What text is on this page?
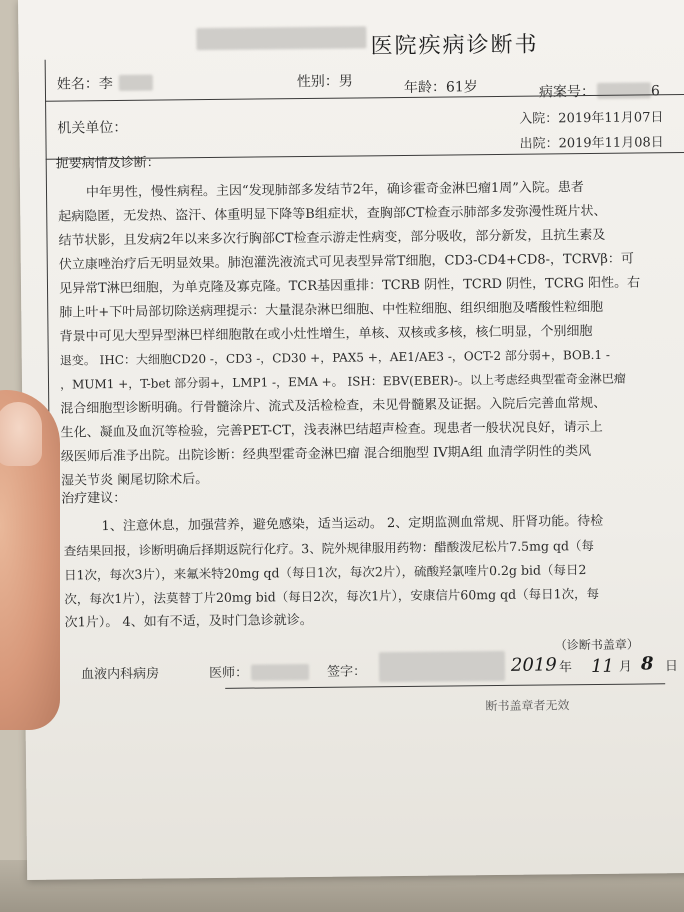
医院疾病诊断书
姓名：李	性别：男	年龄：61岁	病案号：	6
机关单位：
入院：2019年11月07日
出院：2019年11月08日
扼要病情及诊断：
中年男性，慢性病程。主因“发现肺部多发结节2年，确诊霍奇金淋巴瘤1周”入院。患者
起病隐匿，无发热、盗汗、体重明显下降等B组症状，查胸部CT检查示肺部多发弥漫性斑片状、
结节状影，且发病2年以来多次行胸部CT检查示游走性病变，部分吸收，部分新发，且抗生素及
伏立康唑治疗后无明显效果。肺泡灌洗液流式可见表型异常T细胞，CD3-CD4+CD8-，TCRVβ：可
见异常T淋巴细胞，为单克隆及寡克隆。TCR基因重排：TCRB 阴性，TCRD 阴性，TCRG 阳性。右
肺上叶+下叶局部切除送病理提示：大量混杂淋巴细胞、中性粒细胞、组织细胞及嗜酸性粒细胞
背景中可见大型异型淋巴样细胞散在或小灶性增生，单核、双核或多核，核仁明显，个别细胞
退变。 IHC：大细胞CD20 -，CD3 -，CD30 +，PAX5 +，AE1/AE3 -，OCT-2 部分弱+，BOB.1 -
，MUM1 +，T-bet 部分弱+，LMP1 -，EMA +。 ISH：EBV(EBER)-。以上考虑经典型霍奇金淋巴瘤
混合细胞型诊断明确。行骨髓涂片、流式及活检检查，未见骨髓累及证据。入院后完善血常规、
生化、凝血及血沉等检验，完善PET-CT，浅表淋巴结超声检查。现患者一般状况良好，请示上
级医师后准予出院。出院诊断：经典型霍奇金淋巴瘤 混合细胞型 IV期A组 血清学阴性的类风
湿关节炎 阑尾切除术后。
治疗建议：
1、注意休息，加强营养，避免感染，适当运动。 2、定期监测血常规、肝肾功能。待检
查结果回报，诊断明确后择期返院行化疗。3、院外规律服用药物：醋酸泼尼松片7.5mg qd（每
日1次，每次3片），来氟米特20mg qd（每日1次，每次2片），硫酸羟氯喹片0.2g bid（每日2
次，每次1片），法莫替丁片20mg bid（每日2次，每次1片），安康信片60mg qd（每日1次，每
次1片）。 4、如有不适，及时门急诊就诊。
（诊断书盖章）
血液内科病房	医师：	签字：	2019 年 11 月 8 日
断书盖章者无效
